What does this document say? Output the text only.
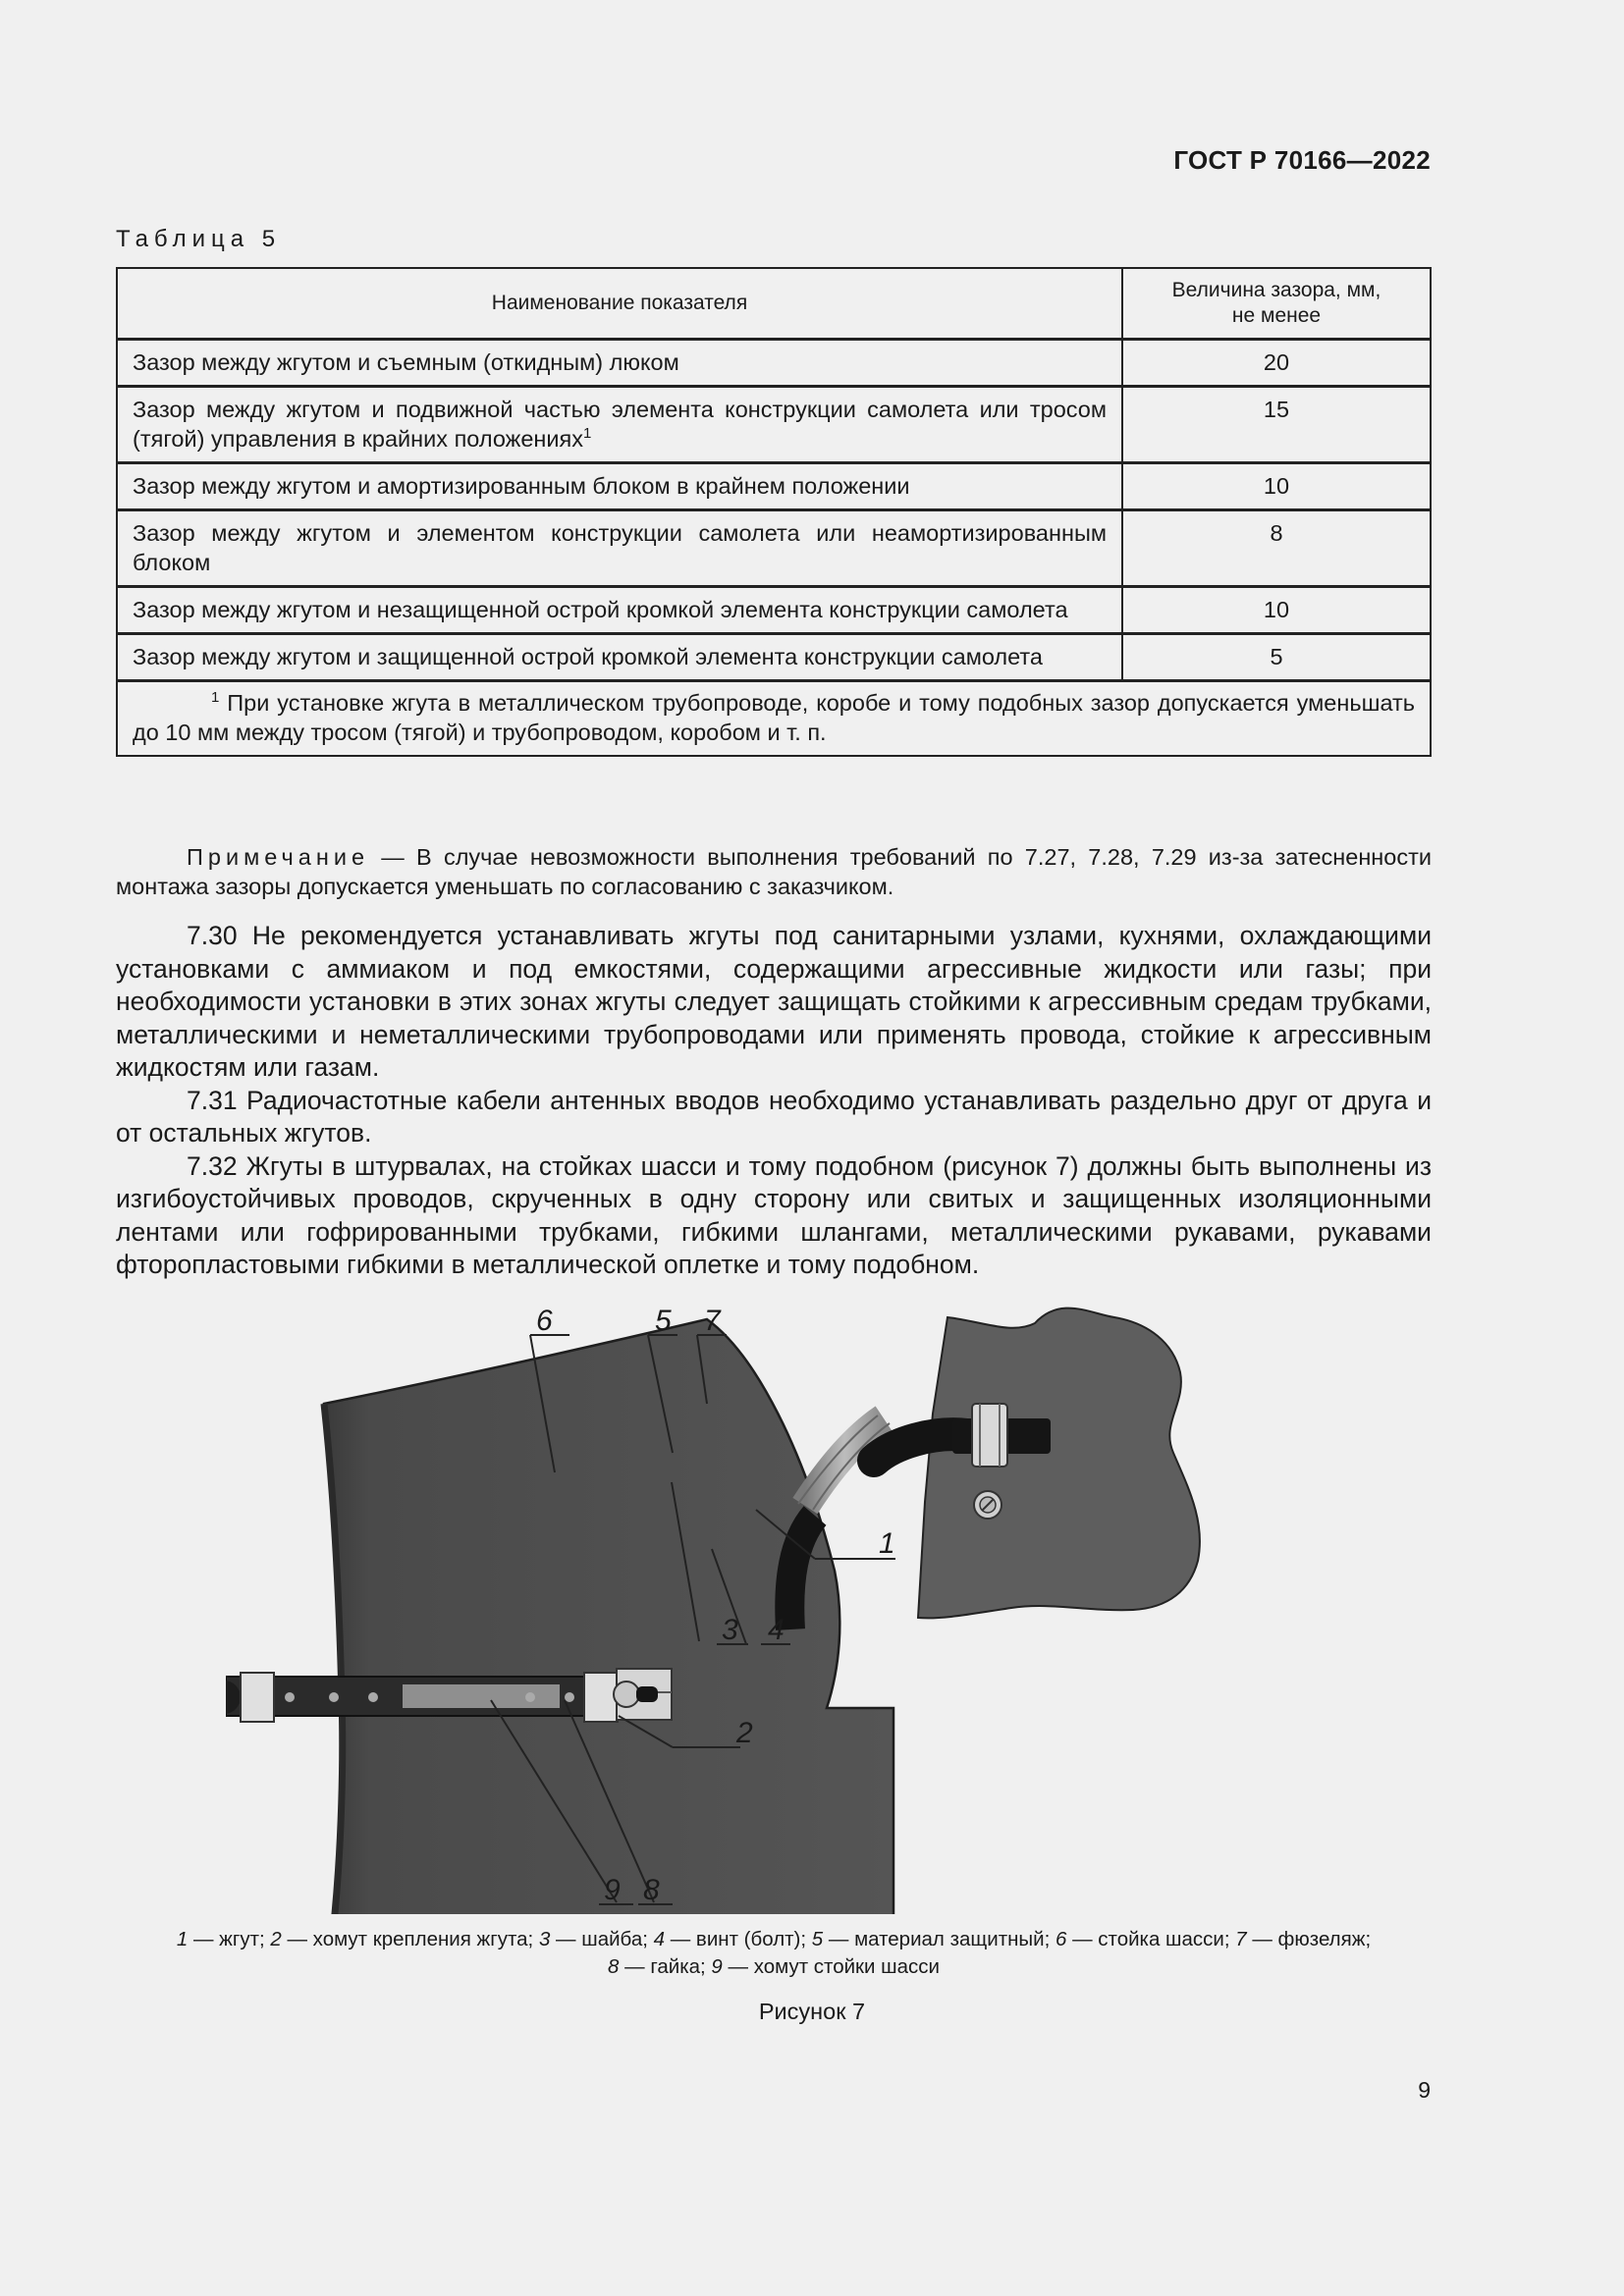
ГОСТ Р 70166—2022
Таблица 5
Наименование показателя	Величина зазора, мм,
не менее
Зазор между жгутом и съемным (откидным) люком	20
Зазор между жгутом и подвижной частью элемента конструкции самолета или тросом (тягой) управления в крайних положениях$^1$	15
Зазор между жгутом и амортизированным блоком в крайнем положении	10
Зазор между жгутом и элементом конструкции самолета или неамортизированным блоком	8
Зазор между жгутом и незащищенной острой кромкой элемента конструкции самолета	10
Зазор между жгутом и защищенной острой кромкой элемента конструкции самолета	5
$^1$ При установке жгута в металлическом трубопроводе, коробе и тому подобных зазор допускается уменьшать до 10 мм между тросом (тягой) и трубопроводом, коробом и т. п.	
Примечание — В случае невозможности выполнения требований по 7.27, 7.28, 7.29 из-за затесненности монтажа зазоры допускается уменьшать по согласованию с заказчиком.

7.30 Не рекомендуется устанавливать жгуты под санитарными узлами, кухнями, охлаждающими установками с аммиаком и под емкостями, содержащими агрессивные жидкости или газы; при необходимости установки в этих зонах жгуты следует защищать стойкими к агрессивным средам трубками, металлическими и неметаллическими трубопроводами или применять провода, стойкие к агрессивным жидкостям или газам.

7.31 Радиочастотные кабели антенных вводов необходимо устанавливать раздельно друг от друга и от остальных жгутов.

7.32 Жгуты в штурвалах, на стойках шасси и тому подобном (рисунок 7) должны быть выполнены из изгибоустойчивых проводов, скрученных в одну сторону или свитых и защищенных изоляционными лентами или гофрированными трубками, гибкими шлангами, металлическими рукавами, рукавами фторопластовыми гибкими в металлической оплетке и тому подобном.

1
2
3 4
5
6	7
8
9
1 — жгут; 2 — хомут крепления жгута; 3 — шайба; 4 — винт (болт); 5 — материал защитный; 6 — стойка шасси; 7 — фюзеляж;
8 — гайка; 9 — хомут стойки шасси
Рисунок 7
9
